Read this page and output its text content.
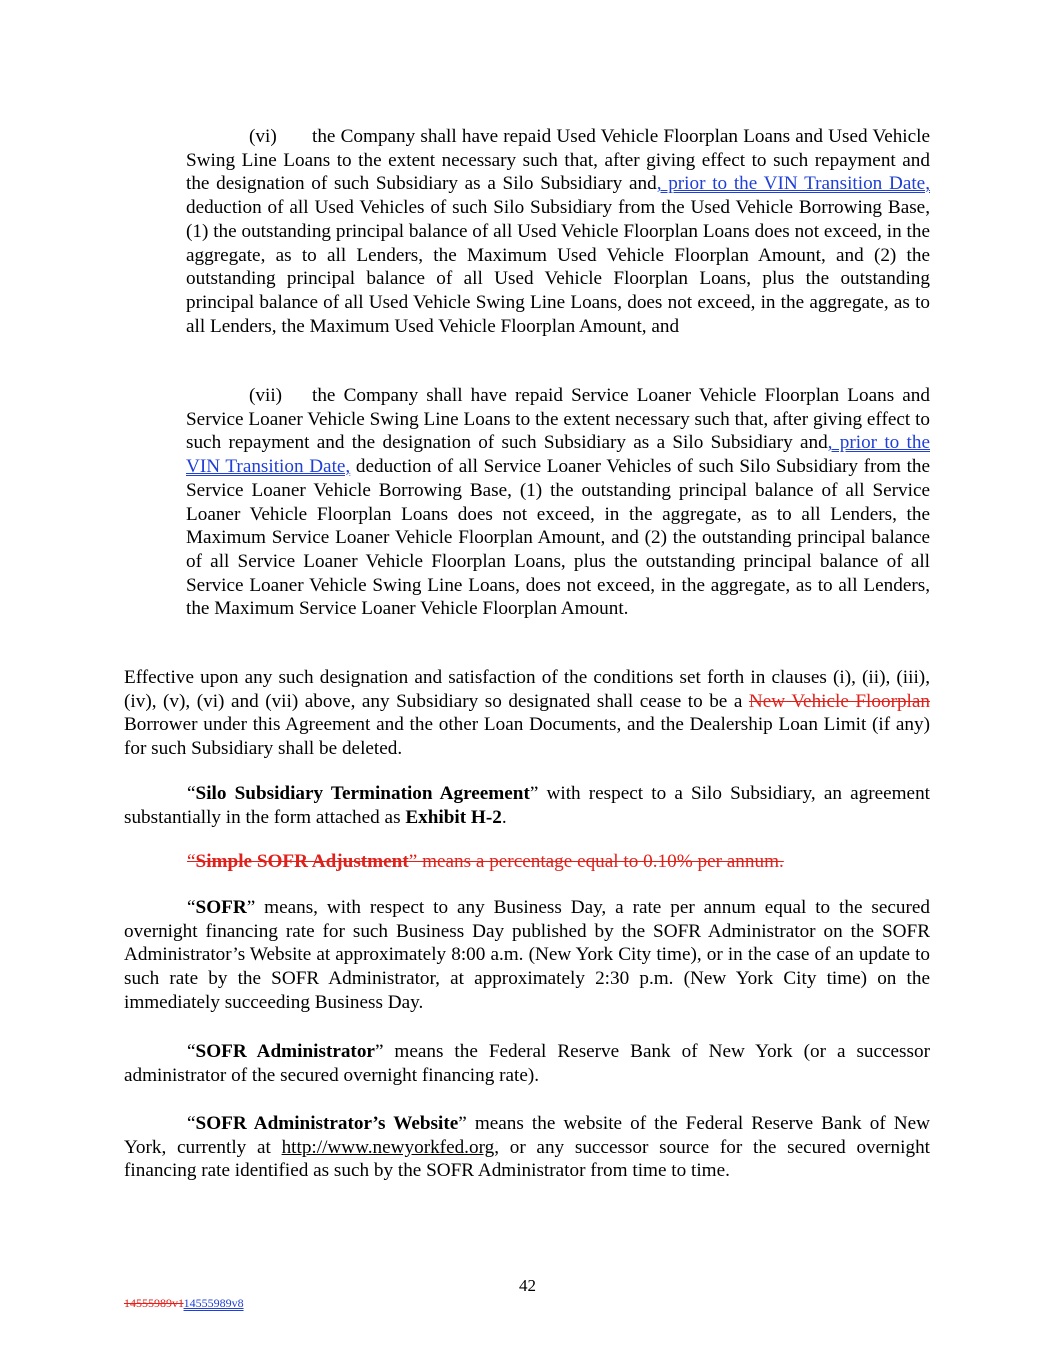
(vi) the Company shall have repaid Used Vehicle Floorplan Loans and Used Vehicle Swing Line Loans to the extent necessary such that, after giving effect to such repayment and the designation of such Subsidiary as a Silo Subsidiary and, prior to the VIN Transition Date, deduction of all Used Vehicles of such Silo Subsidiary from the Used Vehicle Borrowing Base, (1) the outstanding principal balance of all Used Vehicle Floorplan Loans does not exceed, in the aggregate, as to all Lenders, the Maximum Used Vehicle Floorplan Amount, and (2) the outstanding principal balance of all Used Vehicle Floorplan Loans, plus the outstanding principal balance of all Used Vehicle Swing Line Loans, does not exceed, in the aggregate, as to all Lenders, the Maximum Used Vehicle Floorplan Amount, and

(vii) the Company shall have repaid Service Loaner Vehicle Floorplan Loans and Service Loaner Vehicle Swing Line Loans to the extent necessary such that, after giving effect to such repayment and the designation of such Subsidiary as a Silo Subsidiary and, prior to the VIN Transition Date, deduction of all Service Loaner Vehicles of such Silo Subsidiary from the Service Loaner Vehicle Borrowing Base, (1) the outstanding principal balance of all Service Loaner Vehicle Floorplan Loans does not exceed, in the aggregate, as to all Lenders, the Maximum Service Loaner Vehicle Floorplan Amount, and (2) the outstanding principal balance of all Service Loaner Vehicle Floorplan Loans, plus the outstanding principal balance of all Service Loaner Vehicle Swing Line Loans, does not exceed, in the aggregate, as to all Lenders, the Maximum Service Loaner Vehicle Floorplan Amount.

Effective upon any such designation and satisfaction of the conditions set forth in clauses (i), (ii), (iii), (iv), (v), (vi) and (vii) above, any Subsidiary so designated shall cease to be a New Vehicle Floorplan Borrower under this Agreement and the other Loan Documents, and the Dealership Loan Limit (if any) for such Subsidiary shall be deleted.

“Silo Subsidiary Termination Agreement” with respect to a Silo Subsidiary, an agreement substantially in the form attached as Exhibit H-2.

“Simple SOFR Adjustment” means a percentage equal to 0.10% per annum.

“SOFR” means, with respect to any Business Day, a rate per annum equal to the secured overnight financing rate for such Business Day published by the SOFR Administrator on the SOFR Administrator’s Website at approximately 8:00 a.m. (New York City time), or in the case of an update to such rate by the SOFR Administrator, at approximately 2:30 p.m. (New York City time) on the immediately succeeding Business Day.

“SOFR Administrator” means the Federal Reserve Bank of New York (or a successor administrator of the secured overnight financing rate).

“SOFR Administrator’s Website” means the website of the Federal Reserve Bank of New York, currently at http://www.newyorkfed.org, or any successor source for the secured overnight financing rate identified as such by the SOFR Administrator from time to time.

42
14555989v114555989v8
